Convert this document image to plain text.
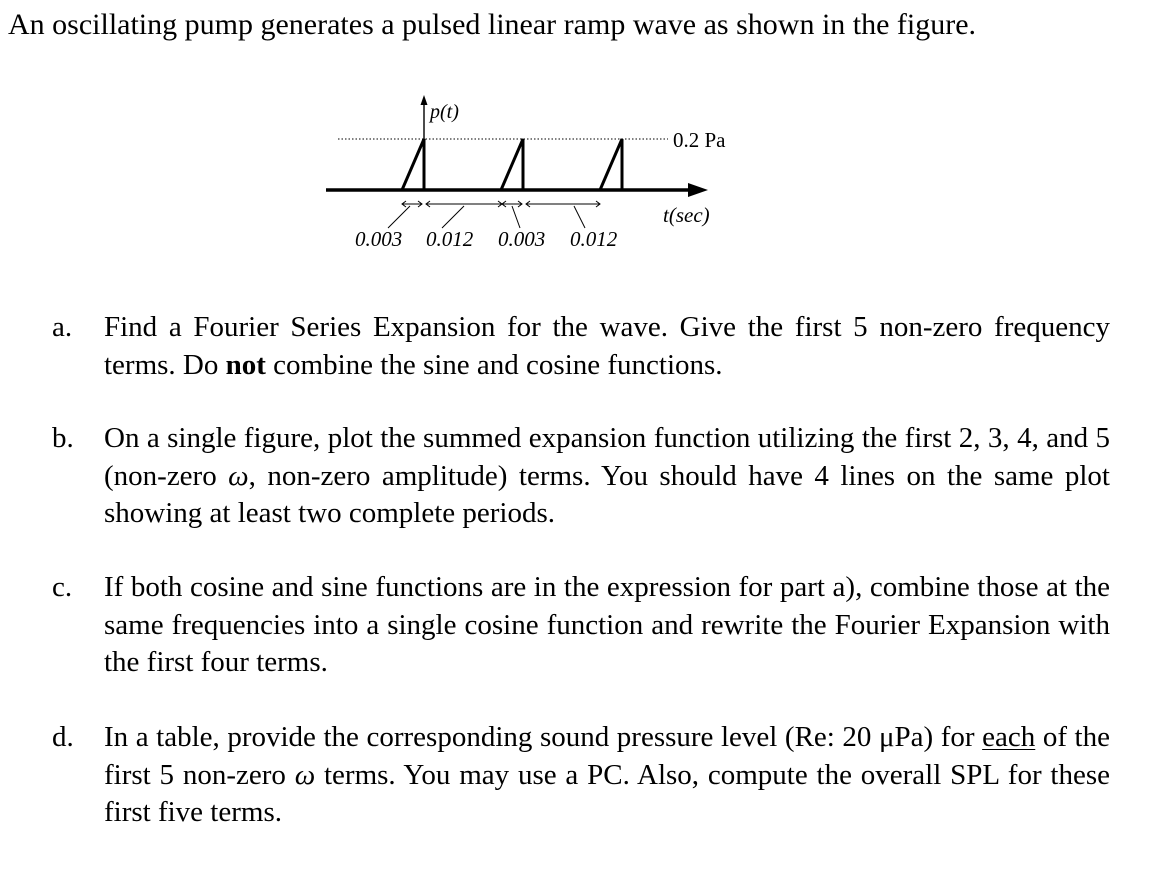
An oscillating pump generates a pulsed linear ramp wave as shown in the figure.
p(t)
0.2 Pa
t(sec)
0.003 0.012 0.003 0.012
a. Find a Fourier Series Expansion for the wave. Give the first 5 non-zero frequency terms. Do not combine the sine and cosine functions.
b. On a single figure, plot the summed expansion function utilizing the first 2, 3, 4, and 5 (non-zero ω, non-zero amplitude) terms. You should have 4 lines on the same plot showing at least two complete periods.
c. If both cosine and sine functions are in the expression for part a), combine those at the same frequencies into a single cosine function and rewrite the Fourier Expansion with the first four terms.
d. In a table, provide the corresponding sound pressure level (Re: 20 μPa) for each of the first 5 non-zero ω terms. You may use a PC. Also, compute the overall SPL for these first five terms.
